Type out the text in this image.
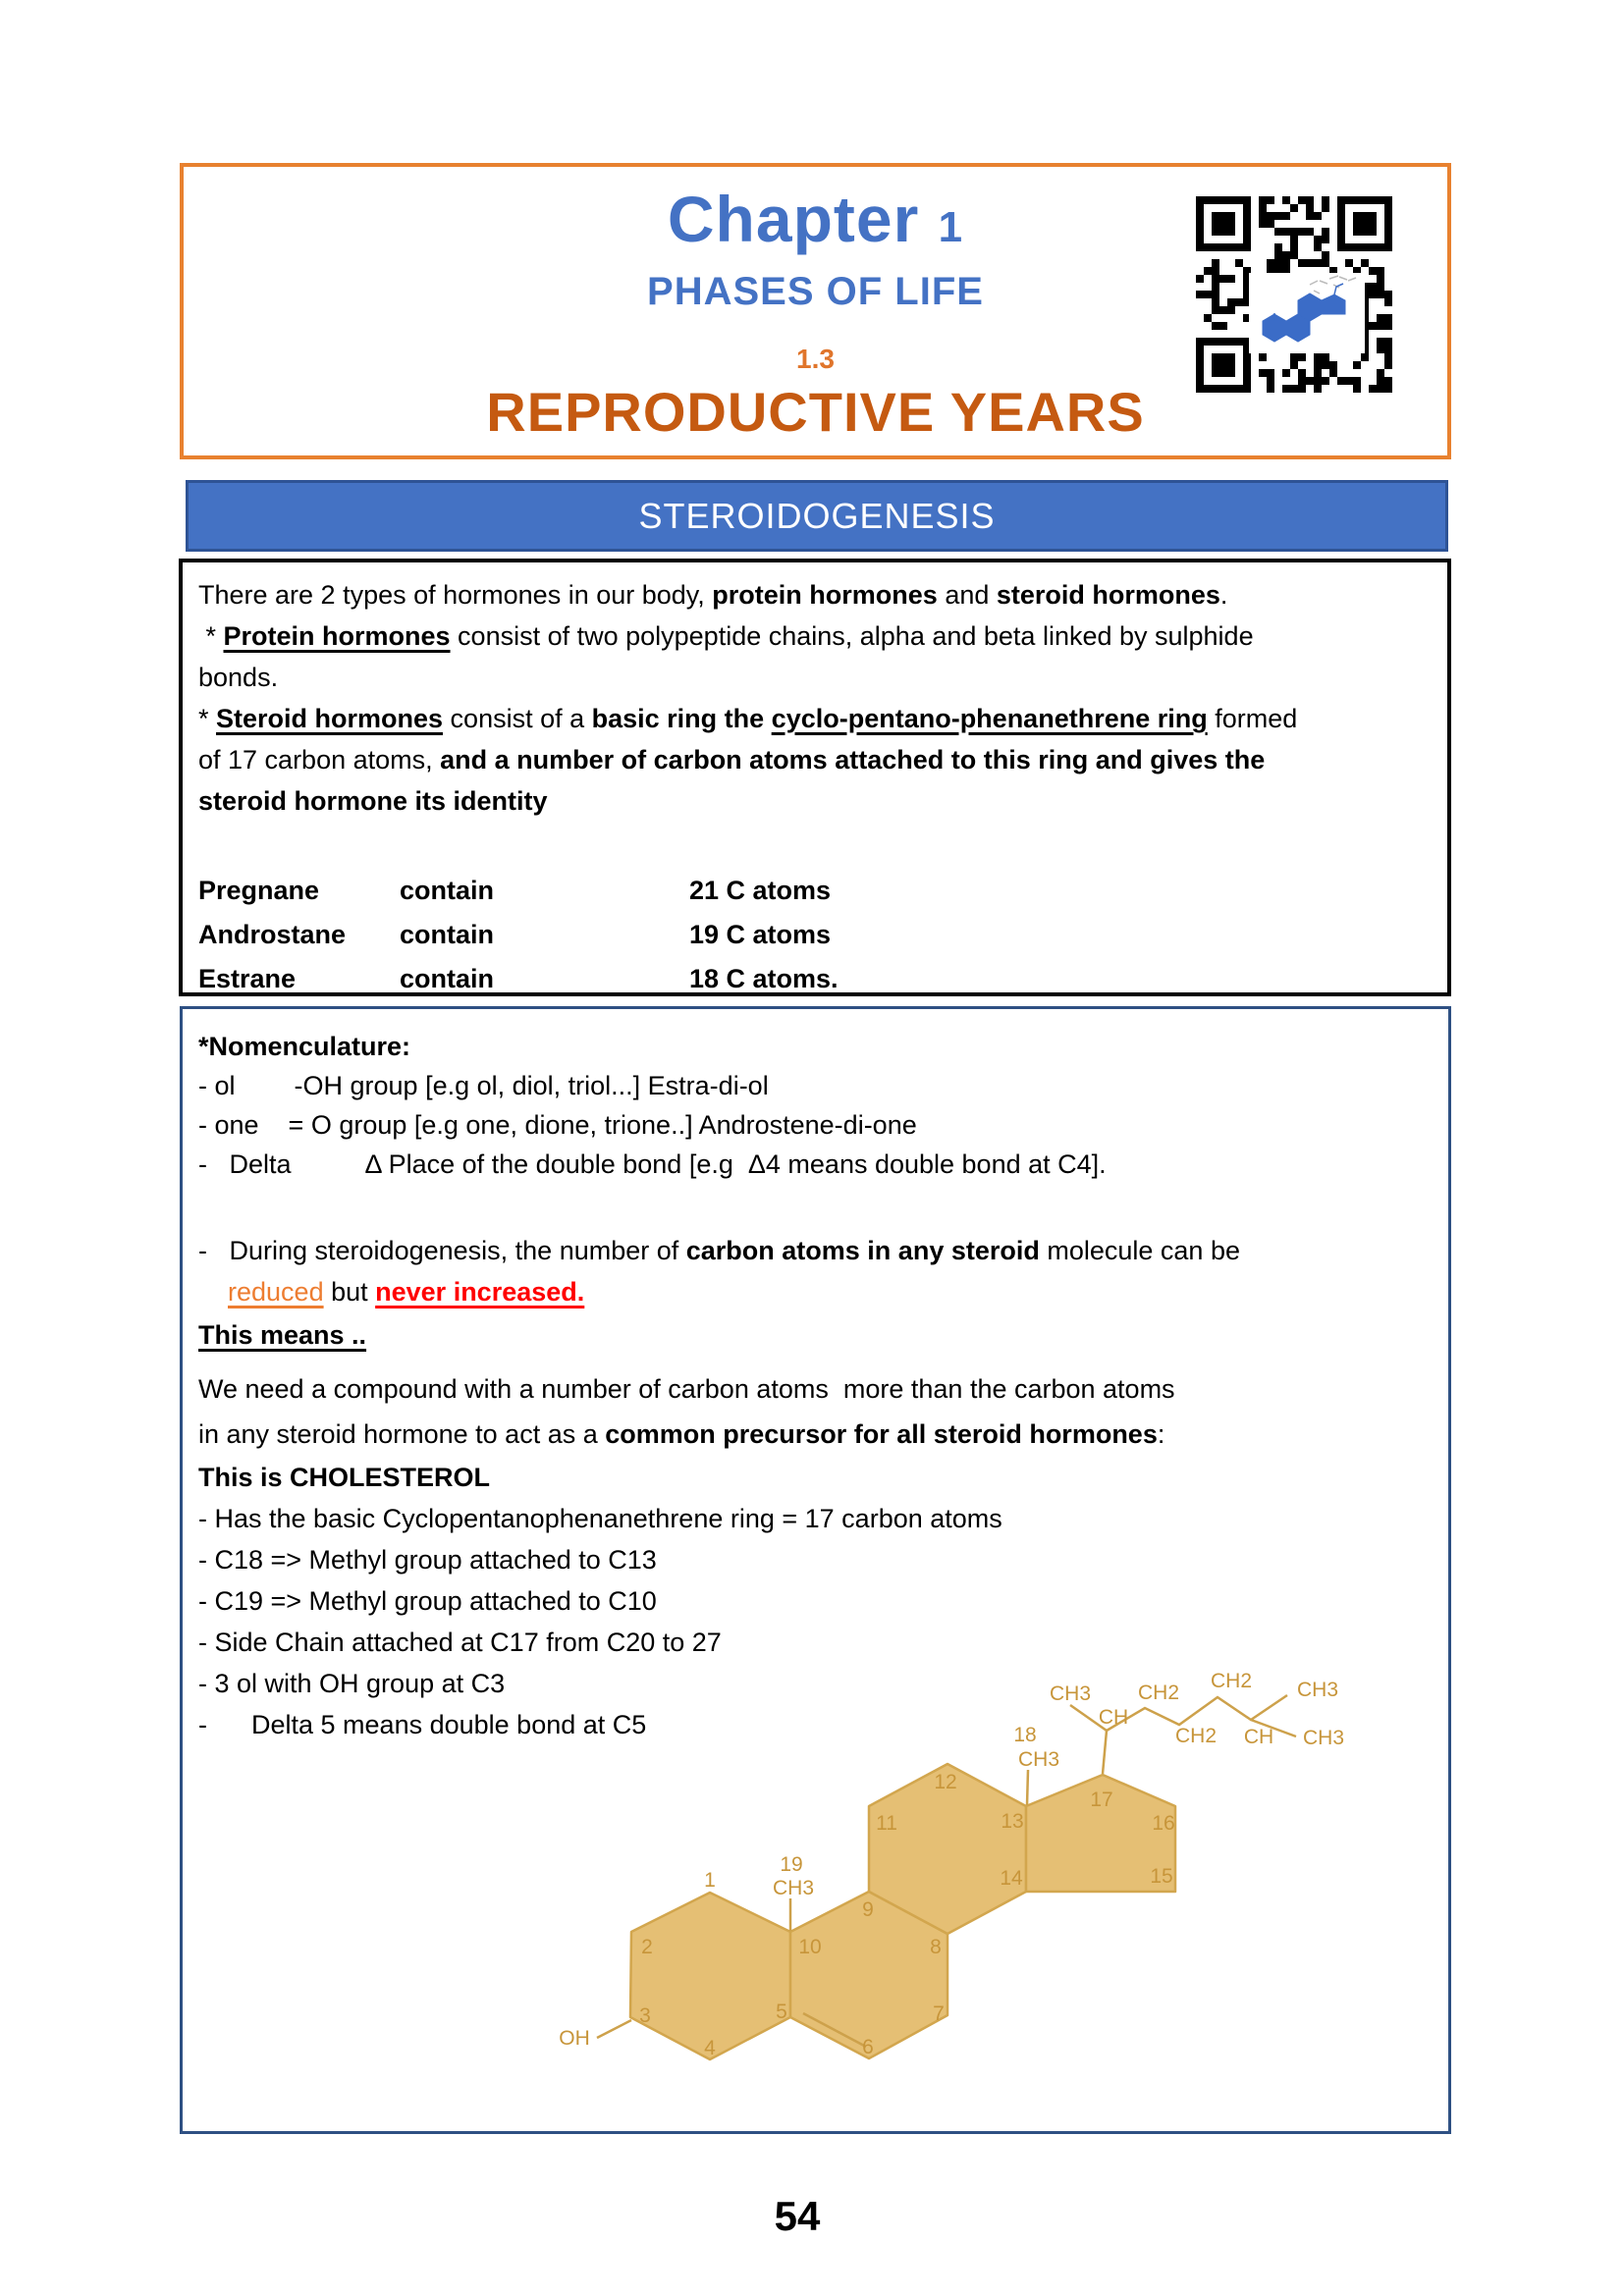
Chapter 1
PHASES OF LIFE
1.3
REPRODUCTIVE YEARS
STEROIDOGENESIS
There are 2 types of hormones in our body, protein hormones and steroid hormones.
* Protein hormones consist of two polypeptide chains, alpha and beta linked by sulphide
bonds.
* Steroid hormones consist of a basic ring the cyclo-pentano-phenanethrene ring formed
of 17 carbon atoms, and a number of carbon atoms attached to this ring and gives the
steroid hormone its identity
Pregnane	contain	21 C atoms
Androstane	contain	19 C atoms
Estrane	contain	18 C atoms.
*Nomenculature:
- ol        -OH group [e.g ol, diol, triol...] Estra-di-ol
- one    = O group [e.g one, dione, trione..] Androstene-di-one
-   Delta          Δ Place of the double bond [e.g  Δ4 means double bond at C4].
-   During steroidogenesis, the number of carbon atoms in any steroid molecule can be
reduced but never increased.
This means ..
We need a compound with a number of carbon atoms  more than the carbon atoms
in any steroid hormone to act as a common precursor for all steroid hormones:
This is CHOLESTEROL
- Has the basic Cyclopentanophenanethrene ring = 17 carbon atoms
- C18 => Methyl group attached to C13
- C19 => Methyl group attached to C10
- Side Chain attached at C17 from C20 to 27
- 3 ol with OH group at C3
-      Delta 5 means double bond at C5
OH
1
2
3
4
5
6
7
8
9
10
11
12
13
14	15
16
17
19
CH3
18
CH3
CH3
CH
CH2
CH2
CH2
CH
CH3
CH3
54
